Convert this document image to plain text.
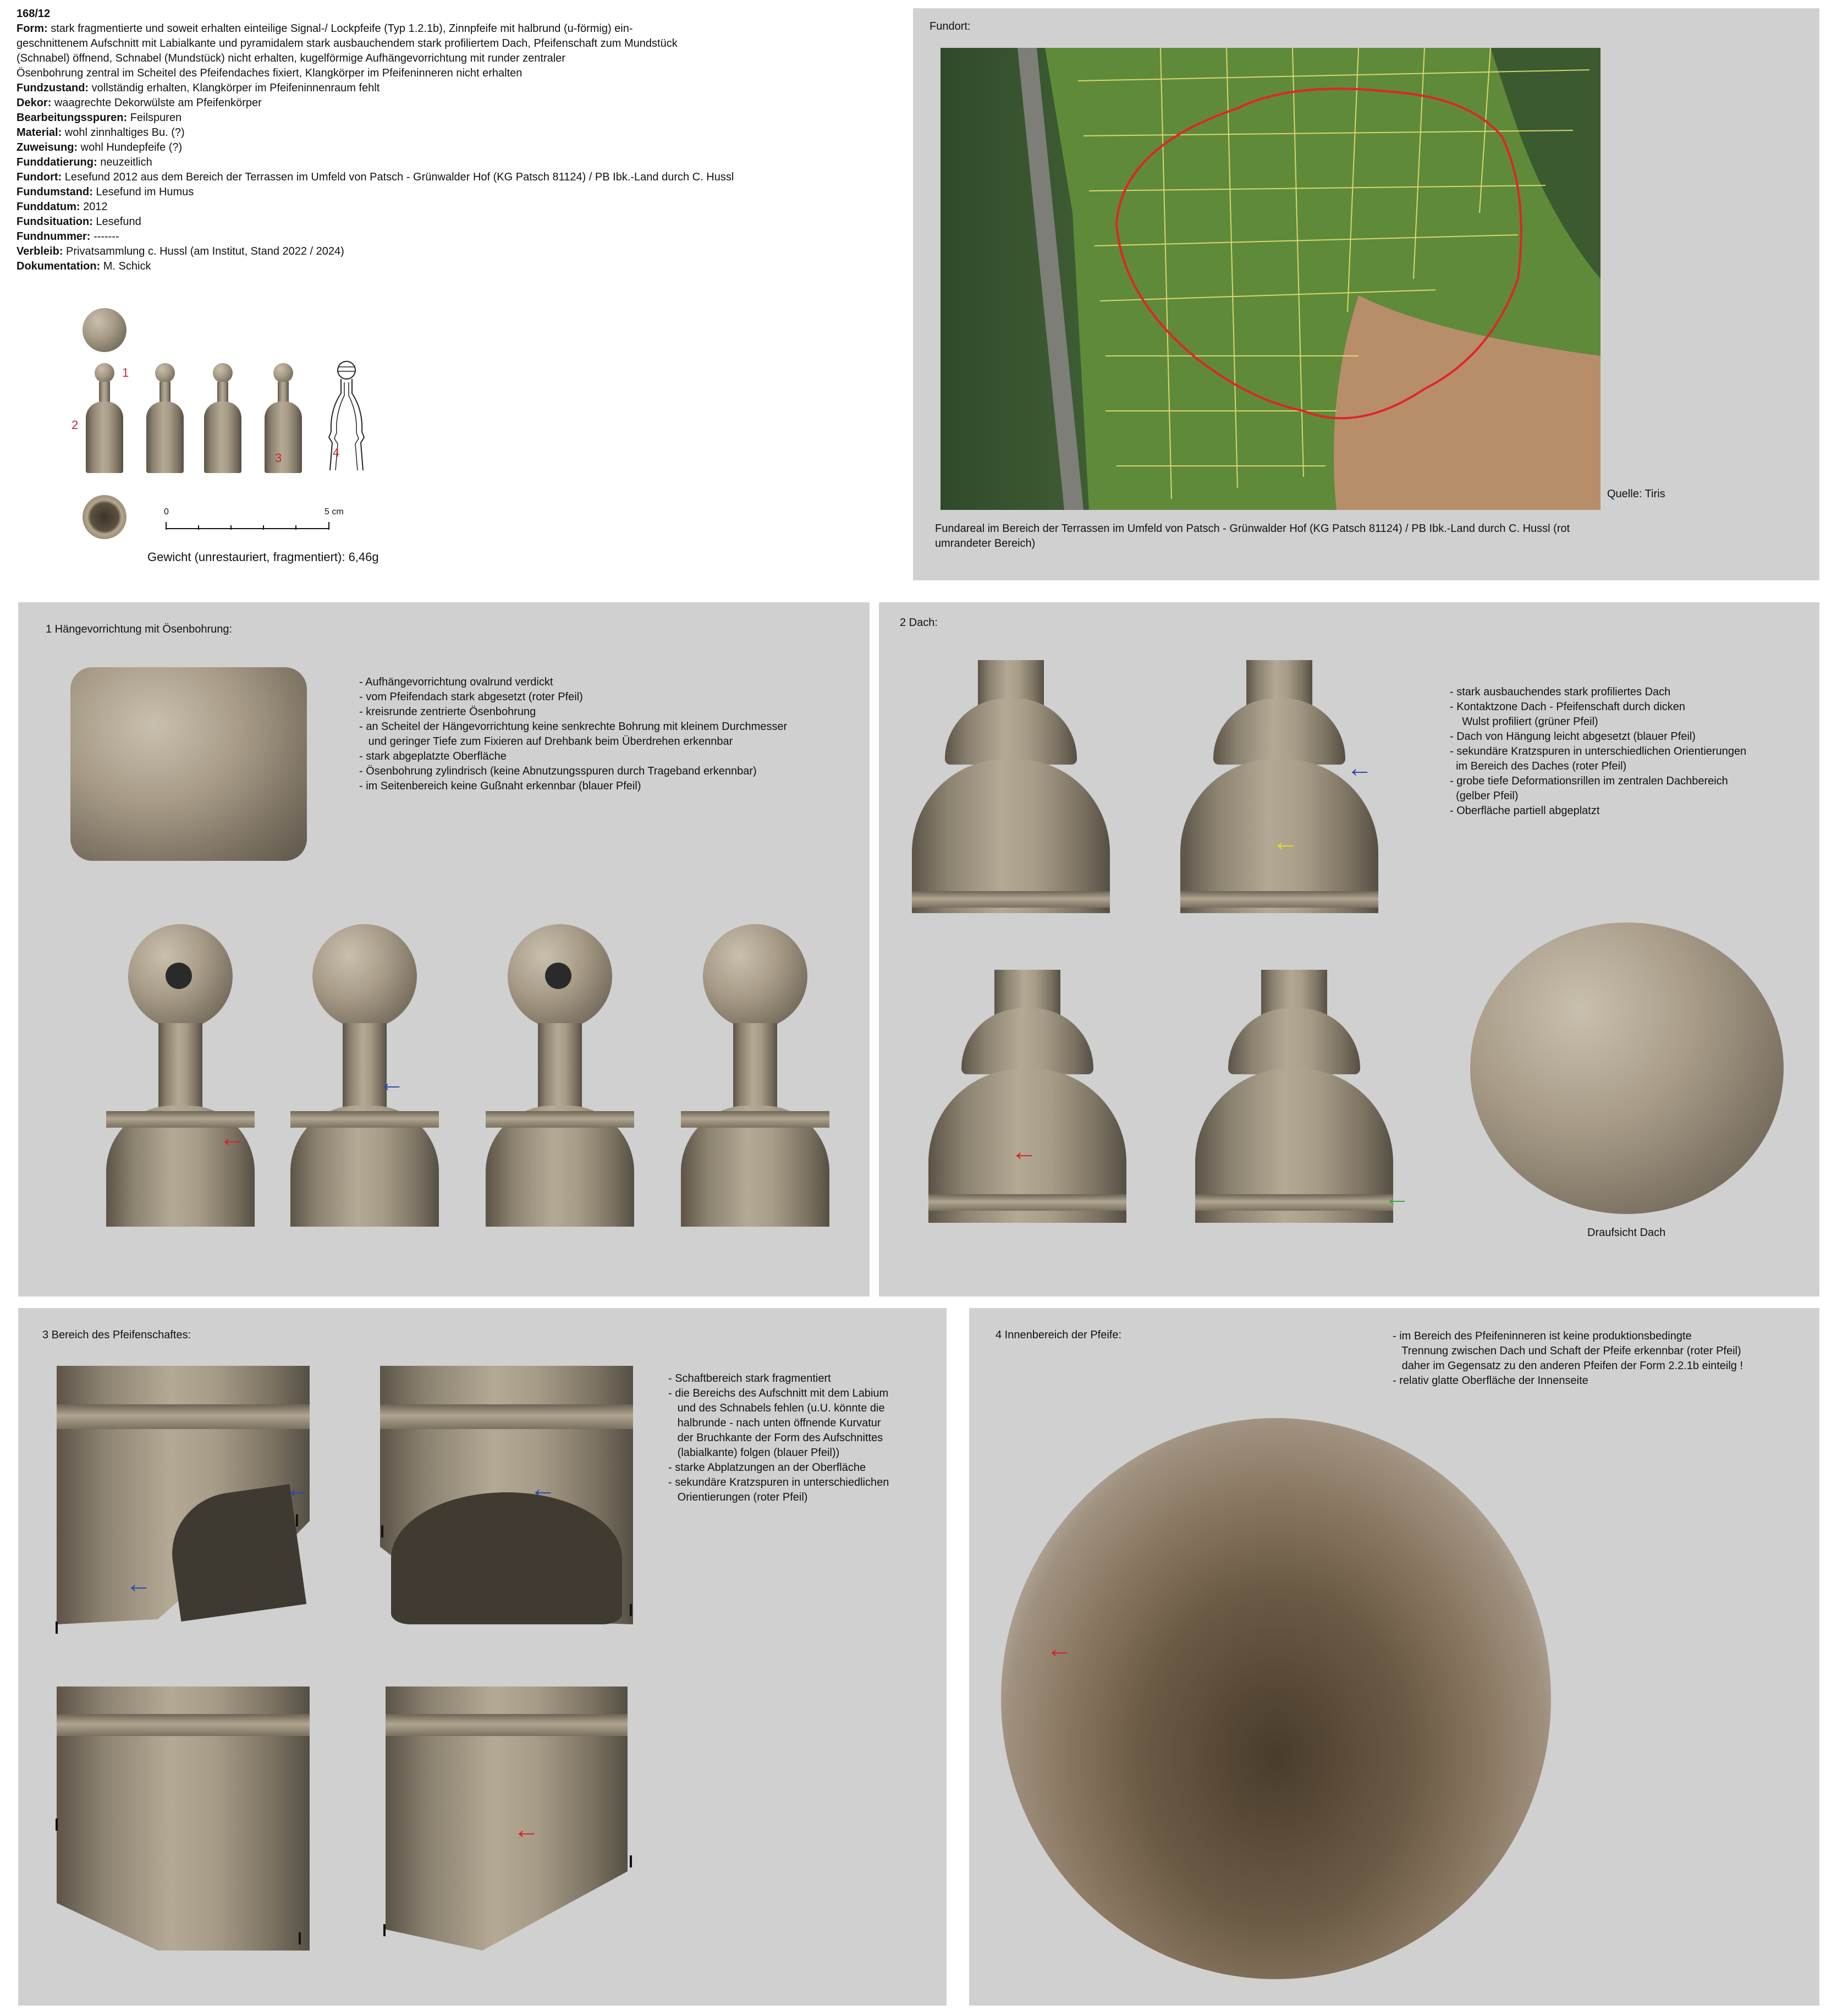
168/12
Form: stark fragmentierte und soweit erhalten einteilige Signal-/ Lockpfeife (Typ 1.2.1b), Zinnpfeife mit halbrund (u-förmig) ein-
geschnittenem Aufschnitt mit Labialkante und pyramidalem stark ausbauchendem stark profiliertem Dach, Pfeifenschaft zum Mundstück
(Schnabel) öffnend, Schnabel (Mundstück) nicht erhalten, kugelförmige Aufhängevorrichtung mit runder zentraler
Ösenbohrung zentral im Scheitel des Pfeifendaches fixiert, Klangkörper im Pfeifeninneren nicht erhalten
Fundzustand: vollständig erhalten, Klangkörper im Pfeifeninnenraum fehlt
Dekor: waagrechte Dekorwülste am Pfeifenkörper
Bearbeitungsspuren: Feilspuren
Material: wohl zinnhaltiges Bu. (?)
Zuweisung: wohl Hundepfeife (?)
Funddatierung: neuzeitlich
Fundort: Lesefund 2012 aus dem Bereich der Terrassen im Umfeld von Patsch - Grünwalder Hof (KG Patsch 81124) / PB Ibk.-Land durch C. Hussl
Fundumstand: Lesefund im Humus
Funddatum: 2012
Fundsituation: Lesefund
Fundnummer: -------
Verbleib: Privatsammlung c. Hussl (am Institut, Stand 2022 / 2024)
Dokumentation: M. Schick
1
2
3	4
0	5 cm
Gewicht (unrestauriert, fragmentiert): 6,46g
Fundort:
Quelle: Tiris
Fundareal im Bereich der Terrassen im Umfeld von Patsch - Grünwalder Hof (KG Patsch 81124) / PB Ibk.-Land durch C. Hussl (rot
umrandeter Bereich)
1 Hängevorrichtung mit Ösenbohrung:
- Aufhängevorrichtung ovalrund verdickt
- vom Pfeifendach stark abgesetzt (roter Pfeil)
- kreisrunde zentrierte Ösenbohrung
- an Scheitel der Hängevorrichtung keine senkrechte Bohrung mit kleinem Durchmesser
und geringer Tiefe zum Fixieren auf Drehbank beim Überdrehen erkennbar
- stark abgeplatzte Oberfläche
- Ösenbohrung zylindrisch (keine Abnutzungsspuren durch Trageband erkennbar)
- im Seitenbereich keine Gußnaht erkennbar (blauer Pfeil)
←
←
2 Dach:
←
←
- stark ausbauchendes stark profiliertes Dach
- Kontaktzone Dach - Pfeifenschaft durch dicken
Wulst profiliert (grüner Pfeil)
- Dach von Hängung leicht abgesetzt (blauer Pfeil)
- sekundäre Kratzspuren in unterschiedlichen Orientierungen
im Bereich des Daches (roter Pfeil)
- grobe tiefe Deformationsrillen im zentralen Dachbereich
(gelber Pfeil)
- Oberfläche partiell abgeplatzt
←
←
Draufsicht Dach
3 Bereich des Pfeifenschaftes:
←
←
←
- Schaftbereich stark fragmentiert
- die Bereichs des Aufschnitt mit dem Labium
und des Schnabels fehlen (u.U. könnte die
halbrunde - nach unten öffnende Kurvatur
der Bruchkante der Form des Aufschnittes
(labialkante) folgen (blauer Pfeil))
- starke Abplatzungen an der Oberfläche
- sekundäre Kratzspuren in unterschiedlichen
Orientierungen (roter Pfeil)
←
4 Innenbereich der Pfeife:	- im Bereich des Pfeifeninneren ist keine produktionsbedingte
Trennung zwischen Dach und Schaft der Pfeife erkennbar (roter Pfeil)
daher im Gegensatz zu den anderen Pfeifen der Form 2.2.1b einteilg !
- relativ glatte Oberfläche der Innenseite
←
